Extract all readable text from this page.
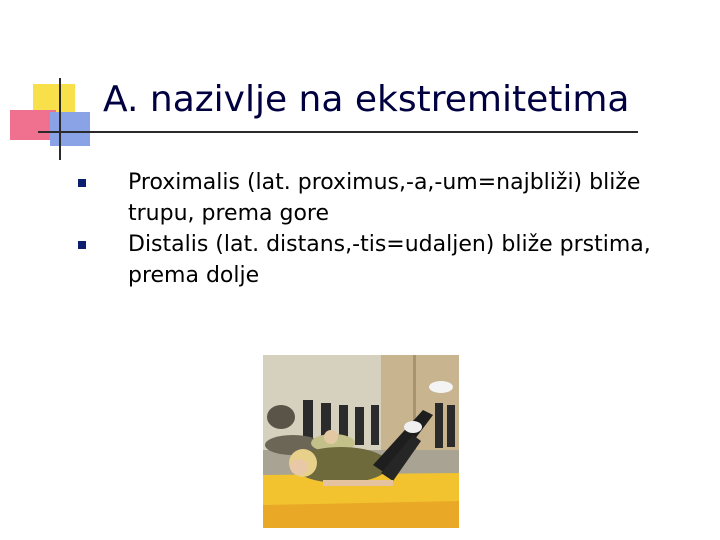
A. nazivlje na ekstremitetima
Proximalis (lat. proximus,-a,-um=najbliži) bliže trupu, prema gore
Distalis (lat. distans,-tis=udaljen) bliže prstima, prema dolje
